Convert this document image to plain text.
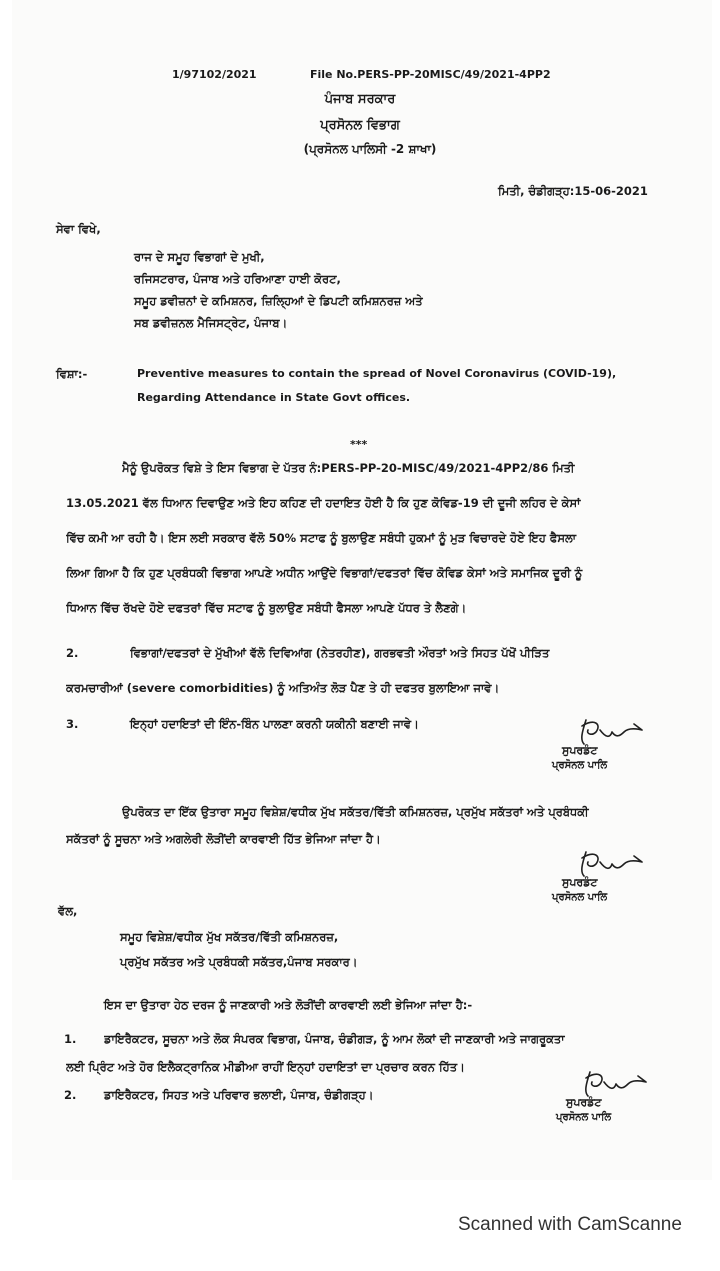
1/97102/2021	File No.PERS-PP-20MISC/49/2021-4PP2
ਪੰਜਾਬ ਸਰਕਾਰ
ਪ੍ਰਸੋਨਲ ਵਿਭਾਗ
(ਪ੍ਰਸੋਨਲ ਪਾਲਿਸੀ -2 ਸ਼ਾਖਾ)
ਮਿਤੀ, ਚੰਡੀਗੜ੍ਹ:15-06-2021
ਸੇਵਾ ਵਿਖੇ,
ਰਾਜ ਦੇ ਸਮੂਹ ਵਿਭਾਗਾਂ ਦੇ ਮੁਖੀ,
ਰਜਿਸਟਰਾਰ, ਪੰਜਾਬ ਅਤੇ ਹਰਿਆਣਾ ਹਾਈ ਕੋਰਟ,
ਸਮੂਹ ਡਵੀਜ਼ਨਾਂ ਦੇ ਕਮਿਸ਼ਨਰ, ਜ਼ਿਲ੍ਹਿਆਂ ਦੇ ਡਿਪਟੀ ਕਮਿਸ਼ਨਰਜ਼ ਅਤੇ
ਸਬ ਡਵੀਜ਼ਨਲ ਮੈਜਿਸਟ੍ਰੇਟ, ਪੰਜਾਬ।
ਵਿਸ਼ਾ:-	Preventive measures to contain the spread of Novel Coronavirus (COVID-19),
Regarding Attendance in State Govt offices.
***
ਮੈਨੂੰ ਉਪਰੋਕਤ ਵਿਸ਼ੇ ਤੇ ਇਸ ਵਿਭਾਗ ਦੇ ਪੱਤਰ ਨੰ:PERS-PP-20-MISC/49/2021-4PP2/86 ਮਿਤੀ
13.05.2021 ਵੱਲ ਧਿਆਨ ਦਿਵਾਉਣ ਅਤੇ ਇਹ ਕਹਿਣ ਦੀ ਹਦਾਇਤ ਹੋਈ ਹੈ ਕਿ ਹੁਣ ਕੋਵਿਡ-19 ਦੀ ਦੂਜੀ ਲਹਿਰ ਦੇ ਕੇਸਾਂ
ਵਿੱਚ ਕਮੀ ਆ ਰਹੀ ਹੈ। ਇਸ ਲਈ ਸਰਕਾਰ ਵੱਲੋ 50% ਸਟਾਫ ਨੂੰ ਬੁਲਾਉਣ ਸਬੰਧੀ ਹੁਕਮਾਂ ਨੂੰ ਮੁੜ ਵਿਚਾਰਦੇ ਹੋਏ ਇਹ ਫੈਸਲਾ
ਲਿਆ ਗਿਆ ਹੈ ਕਿ ਹੁਣ ਪ੍ਰਬੰਧਕੀ ਵਿਭਾਗ ਆਪਣੇ ਅਧੀਨ ਆਉਂਦੇ ਵਿਭਾਗਾਂ/ਦਫਤਰਾਂ ਵਿੱਚ ਕੋਵਿਡ ਕੇਸਾਂ ਅਤੇ ਸਮਾਜਿਕ ਦੂਰੀ ਨੂੰ
ਧਿਆਨ ਵਿੱਚ ਰੱਖਦੇ ਹੋਏ ਦਫਤਰਾਂ ਵਿੱਚ ਸਟਾਫ ਨੂੰ ਬੁਲਾਉਣ ਸਬੰਧੀ ਫੈਸਲਾ ਆਪਣੇ ਪੱਧਰ ਤੇ ਲੈਣਗੇ।
2.	ਵਿਭਾਗਾਂ/ਦਫਤਰਾਂ ਦੇ ਮੁੱਖੀਆਂ ਵੱਲੋ ਦਿਵਿਆਂਗ (ਨੇਤਰਹੀਣ), ਗਰਭਵਤੀ ਔਰਤਾਂ ਅਤੇ ਸਿਹਤ ਪੱਖੋਂ ਪੀੜਿਤ
ਕਰਮਚਾਰੀਆਂ (severe comorbidities) ਨੂੰ ਅਤਿਅੰਤ ਲੋੜ ਪੈਣ ਤੇ ਹੀ ਦਫਤਰ ਬੁਲਾਇਆ ਜਾਵੇ।
3.	ਇਨ੍ਹਾਂ ਹਦਾਇਤਾਂ ਦੀ ਇੰਨ-ਬਿੰਨ ਪਾਲਣਾ ਕਰਨੀ ਯਕੀਨੀ ਬਣਾਈ ਜਾਵੇ।
ਸੁਪਰਡੰਟ
ਪ੍ਰਸੋਨਲ ਪਾਲਿ
ਉਪਰੋਕਤ ਦਾ ਇੱਕ ਉਤਾਰਾ ਸਮੂਹ ਵਿਸ਼ੇਸ਼/ਵਧੀਕ ਮੁੱਖ ਸਕੱਤਰ/ਵਿੱਤੀ ਕਮਿਸ਼ਨਰਜ਼, ਪ੍ਰਮੁੱਖ ਸਕੱਤਰਾਂ ਅਤੇ ਪ੍ਰਬੰਧਕੀ
ਸਕੱਤਰਾਂ ਨੂੰ ਸੂਚਨਾ ਅਤੇ ਅਗਲੇਰੀ ਲੋੜੀਂਦੀ ਕਾਰਵਾਈ ਹਿੱਤ ਭੇਜਿਆ ਜਾਂਦਾ ਹੈ।
ਸੁਪਰਡੰਟ
ਪ੍ਰਸੋਨਲ ਪਾਲਿ
ਵੱਲ,
ਸਮੂਹ ਵਿਸ਼ੇਸ਼/ਵਧੀਕ ਮੁੱਖ ਸਕੱਤਰ/ਵਿੱਤੀ ਕਮਿਸ਼ਨਰਜ਼,
ਪ੍ਰਮੁੱਖ ਸਕੱਤਰ ਅਤੇ ਪ੍ਰਬੰਧਕੀ ਸਕੱਤਰ,ਪੰਜਾਬ ਸਰਕਾਰ।
ਇਸ ਦਾ ਉਤਾਰਾ ਹੇਠ ਦਰਜ ਨੂੰ ਜਾਣਕਾਰੀ ਅਤੇ ਲੋੜੀਂਦੀ ਕਾਰਵਾਈ ਲਈ ਭੇਜਿਆ ਜਾਂਦਾ ਹੈ:-
1. ਡਾਇਰੈਕਟਰ, ਸੂਚਨਾ ਅਤੇ ਲੋਕ ਸੰਪਰਕ ਵਿਭਾਗ, ਪੰਜਾਬ, ਚੰਡੀਗੜ, ਨੂੰ ਆਮ ਲੋਕਾਂ ਦੀ ਜਾਣਕਾਰੀ ਅਤੇ ਜਾਗਰੂਕਤਾ
ਲਈ ਪ੍ਰਿੰਟ ਅਤੇ ਹੋਰ ਇਲੈਕਟ੍ਰਾਨਿਕ ਮੀਡੀਆ ਰਾਹੀਂ ਇਨ੍ਹਾਂ ਹਦਾਇਤਾਂ ਦਾ ਪ੍ਰਚਾਰ ਕਰਨ ਹਿੱਤ।
2. ਡਾਇਰੈਕਟਰ, ਸਿਹਤ ਅਤੇ ਪਰਿਵਾਰ ਭਲਾਈ, ਪੰਜਾਬ, ਚੰਡੀਗੜ੍ਹ।
ਸੁਪਰਡੰਟ
ਪ੍ਰਸੋਨਲ ਪਾਲਿ
Scanned with CamScanne
